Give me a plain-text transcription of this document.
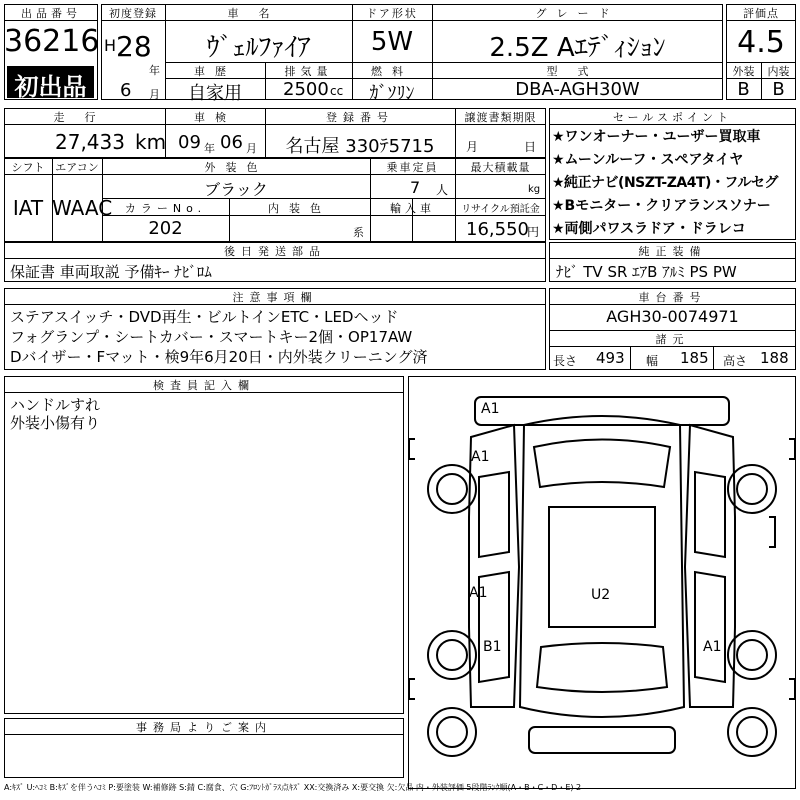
出品番号
36216
初出品
初度登録
H 28
年
6 月
車名
ｳﾞｪﾙﾌｧｲｱ
ドア形状
5W
グレード
2.5Z Aｴﾃﾞｨｼｮﾝ
車歴
自家用
排気量
2500 cc
燃料
ｶﾞｿﾘﾝ
型式
DBA-AGH30W
評価点
4.5
外装	内装
B	B
走行
27,433 km
車検
09 年 06 月
登録番号
名古屋 330ﾃ5715
譲渡書類期限
月	日
シフト
IAT
エアコン
WAAC
外装色
ブラック
乗車定員
7 人
最大積載量
kg
カラーNo.
202
内装色
系
輸入車	リサイクル預託金
16,550
円
後日発送部品
保証書 車両取説 予備ｷｰ ﾅﾋﾞﾛﾑ
セールスポイント
★ワンオーナー・ユーザー買取車
★ムーンルーフ・スペアタイヤ
★純正ナビ(NSZT-ZA4T)・フルセグ
★Bモニター・クリアランスソナー
★両側パワスラドア・ドラレコ
純正装備
ﾅﾋﾞ TV SR ｴｱB ｱﾙﾐ PS PW
注意事項欄
ステアスイッチ・DVD再生・ビルトインETC・LEDヘッド
フォグランプ・シートカバー・スマートキー2個・OP17AW
Dバイザー・Fマット・検9年6月20日・内外装クリーニング済
車台番号
AGH30-0074971
諸元
長さ 493 幅 185 高さ 188
検査員記入欄
ハンドルすれ
外装小傷有り
事務局よりご案内
A1
A1
A1	U2
B1	A1
A:ｷｽﾞ U:ﾍｺﾐ B:ｷｽﾞを伴うﾍｺﾐ P:要塗装 W:補修跡 S:錆 C:腐食、穴 G:ﾌﾛﾝﾄｶﾞﾗｽ点ｷｽﾞ XX:交換済み X:要交換 欠:欠品 内・外装評価 5段階ﾗﾝｸ順(A・B・C・D・E) 2
